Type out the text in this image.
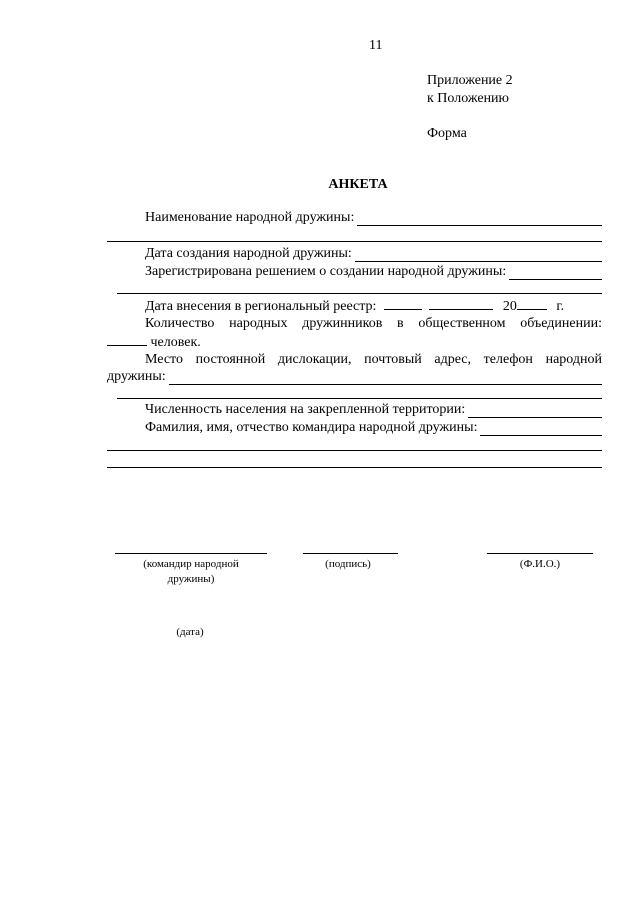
11
Приложение 2
к Положению
Форма
АНКЕТА
Наименование народной дружины:
Дата создания народной дружины:
Зарегистрирована решением о создании народной дружины:
Дата внесения в региональный реестр:	20	г.
Количество народных дружинников в общественном объединении:
человек.
Место постоянной дислокации, почтовый адрес, телефон народной
дружины:
Численность населения на закрепленной территории:
Фамилия, имя, отчество командира народной дружины:
(командир народной дружины)
(подпись)	(Ф.И.О.)
(дата)
